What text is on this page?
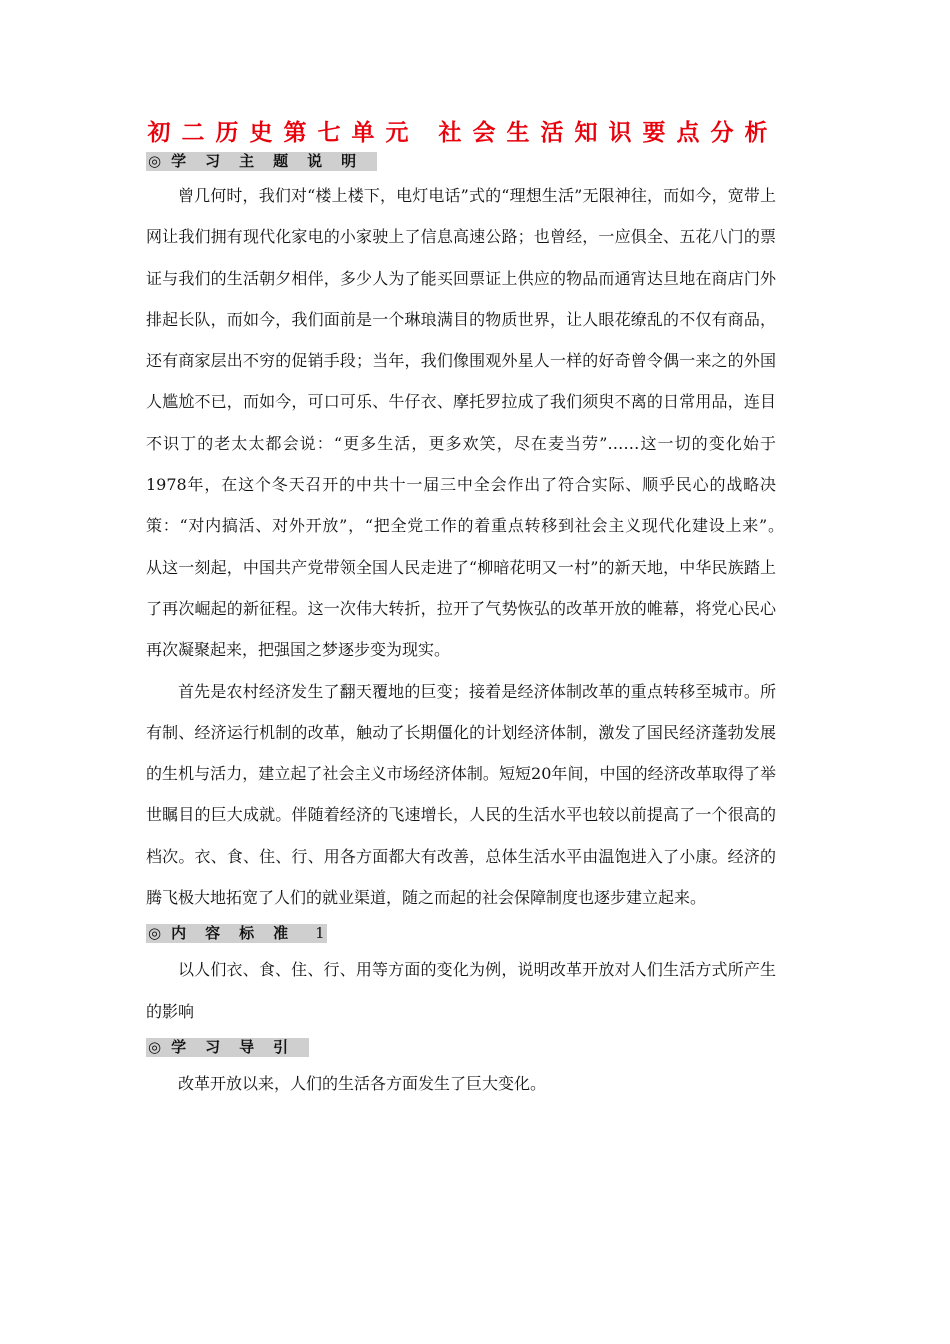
初二历史第七单元 社会生活知识要点分析
◎ 学习主题说明

曾几何时，我们对“楼上楼下，电灯电话”式的“理想生活”无限神往，而如今，宽带上网让我们拥有现代化家电的小家驶上了信息高速公路；也曾经，一应俱全、五花八门的票证与我们的生活朝夕相伴，多少人为了能买回票证上供应的物品而通宵达旦地在商店门外排起长队，而如今，我们面前是一个琳琅满目的物质世界，让人眼花缭乱的不仅有商品，还有商家层出不穷的促销手段；当年，我们像围观外星人一样的好奇曾令偶一来之的外国人尴尬不已，而如今，可口可乐、牛仔衣、摩托罗拉成了我们须臾不离的日常用品，连目不识丁的老太太都会说：“更多生活，更多欢笑，尽在麦当劳”……这一切的变化始于1978年，在这个冬天召开的中共十一届三中全会作出了符合实际、顺乎民心的战略决策：“对内搞活、对外开放”，“把全党工作的着重点转移到社会主义现代化建设上来”。　从这一刻起，中国共产党带领全国人民走进了“柳暗花明又一村”的新天地，中华民族踏上了再次崛起的新征程。这一次伟大转折，拉开了气势恢弘的改革开放的帷幕，将党心民心再次凝聚起来，把强国之梦逐步变为现实。

首先是农村经济发生了翻天覆地的巨变；接着是经济体制改革的重点转移至城市。所有制、经济运行机制的改革，触动了长期僵化的计划经济体制，激发了国民经济蓬勃发展的生机与活力，建立起了社会主义市场经济体制。短短20年间，中国的经济改革取得了举世瞩目的巨大成就。伴随着经济的飞速增长，人民的生活水平也较以前提高了一个很高的档次。衣、食、住、行、用各方面都大有改善，总体生活水平由温饱进入了小康。经济的腾飞极大地拓宽了人们的就业渠道，随之而起的社会保障制度也逐步建立起来。

◎ 内容标准 1

以人们衣、食、住、行、用等方面的变化为例，说明改革开放对人们生活方式所产生的影响

◎ 学习导引

改革开放以来，人们的生活各方面发生了巨大变化。
